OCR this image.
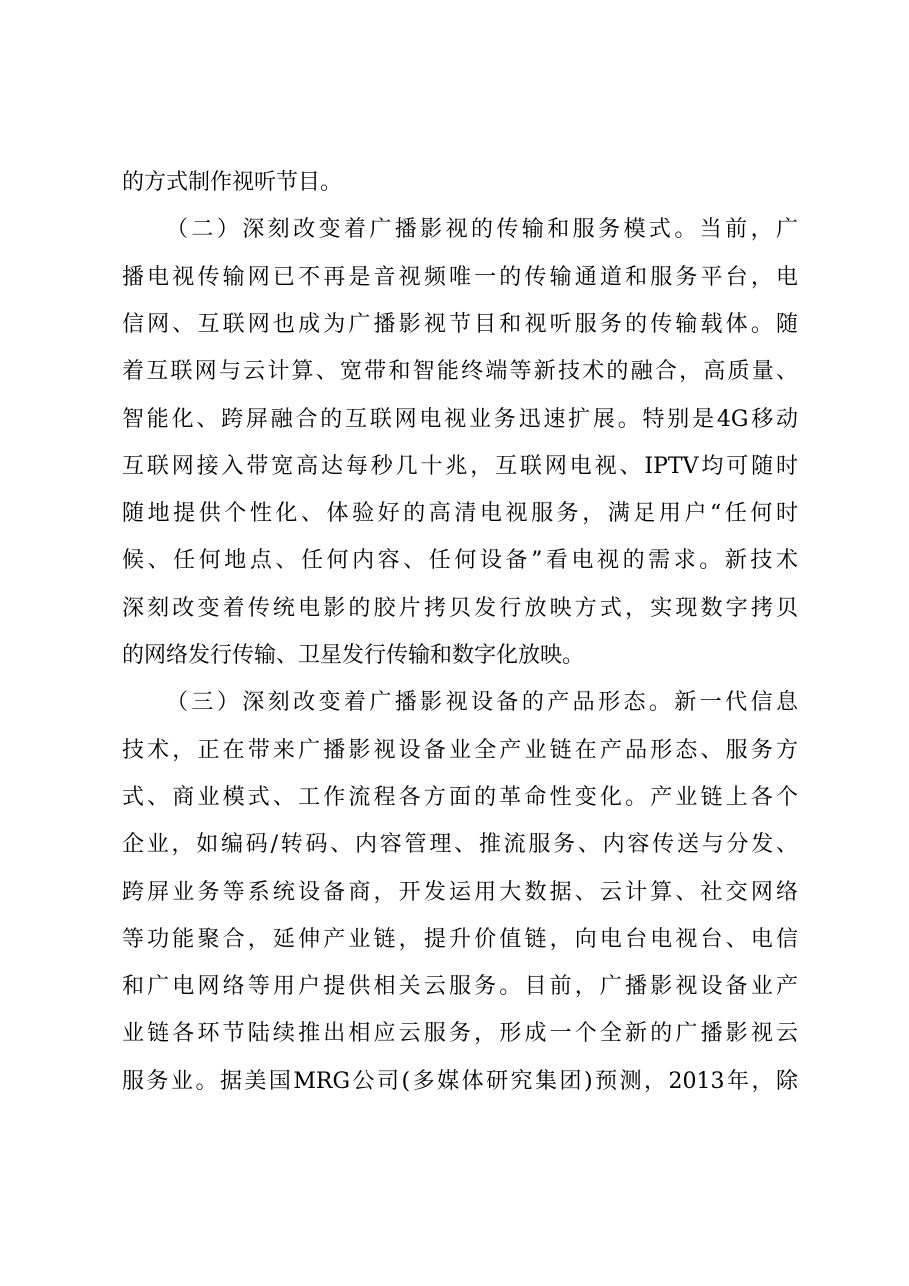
的方式制作视听节目。
（二）深刻改变着广播影视的传输和服务模式。当前，广
播电视传输网已不再是音视频唯一的传输通道和服务平台，电
信网、互联网也成为广播影视节目和视听服务的传输载体。随
着互联网与云计算、宽带和智能终端等新技术的融合，高质量、
智能化、跨屏融合的互联网电视业务迅速扩展。特别是4G移动
互联网接入带宽高达每秒几十兆，互联网电视、IPTV均可随时
随地提供个性化、体验好的高清电视服务，满足用户“任何时
候、任何地点、任何内容、任何设备”看电视的需求。新技术
深刻改变着传统电影的胶片拷贝发行放映方式，实现数字拷贝
的网络发行传输、卫星发行传输和数字化放映。
（三）深刻改变着广播影视设备的产品形态。新一代信息
技术，正在带来广播影视设备业全产业链在产品形态、服务方
式、商业模式、工作流程各方面的革命性变化。产业链上各个
企业，如编码/转码、内容管理、推流服务、内容传送与分发、
跨屏业务等系统设备商，开发运用大数据、云计算、社交网络
等功能聚合，延伸产业链，提升价值链，向电台电视台、电信
和广电网络等用户提供相关云服务。目前，广播影视设备业产
业链各环节陆续推出相应云服务，形成一个全新的广播影视云
服务业。据美国MRG公司(多媒体研究集团)预测，2013年，除
